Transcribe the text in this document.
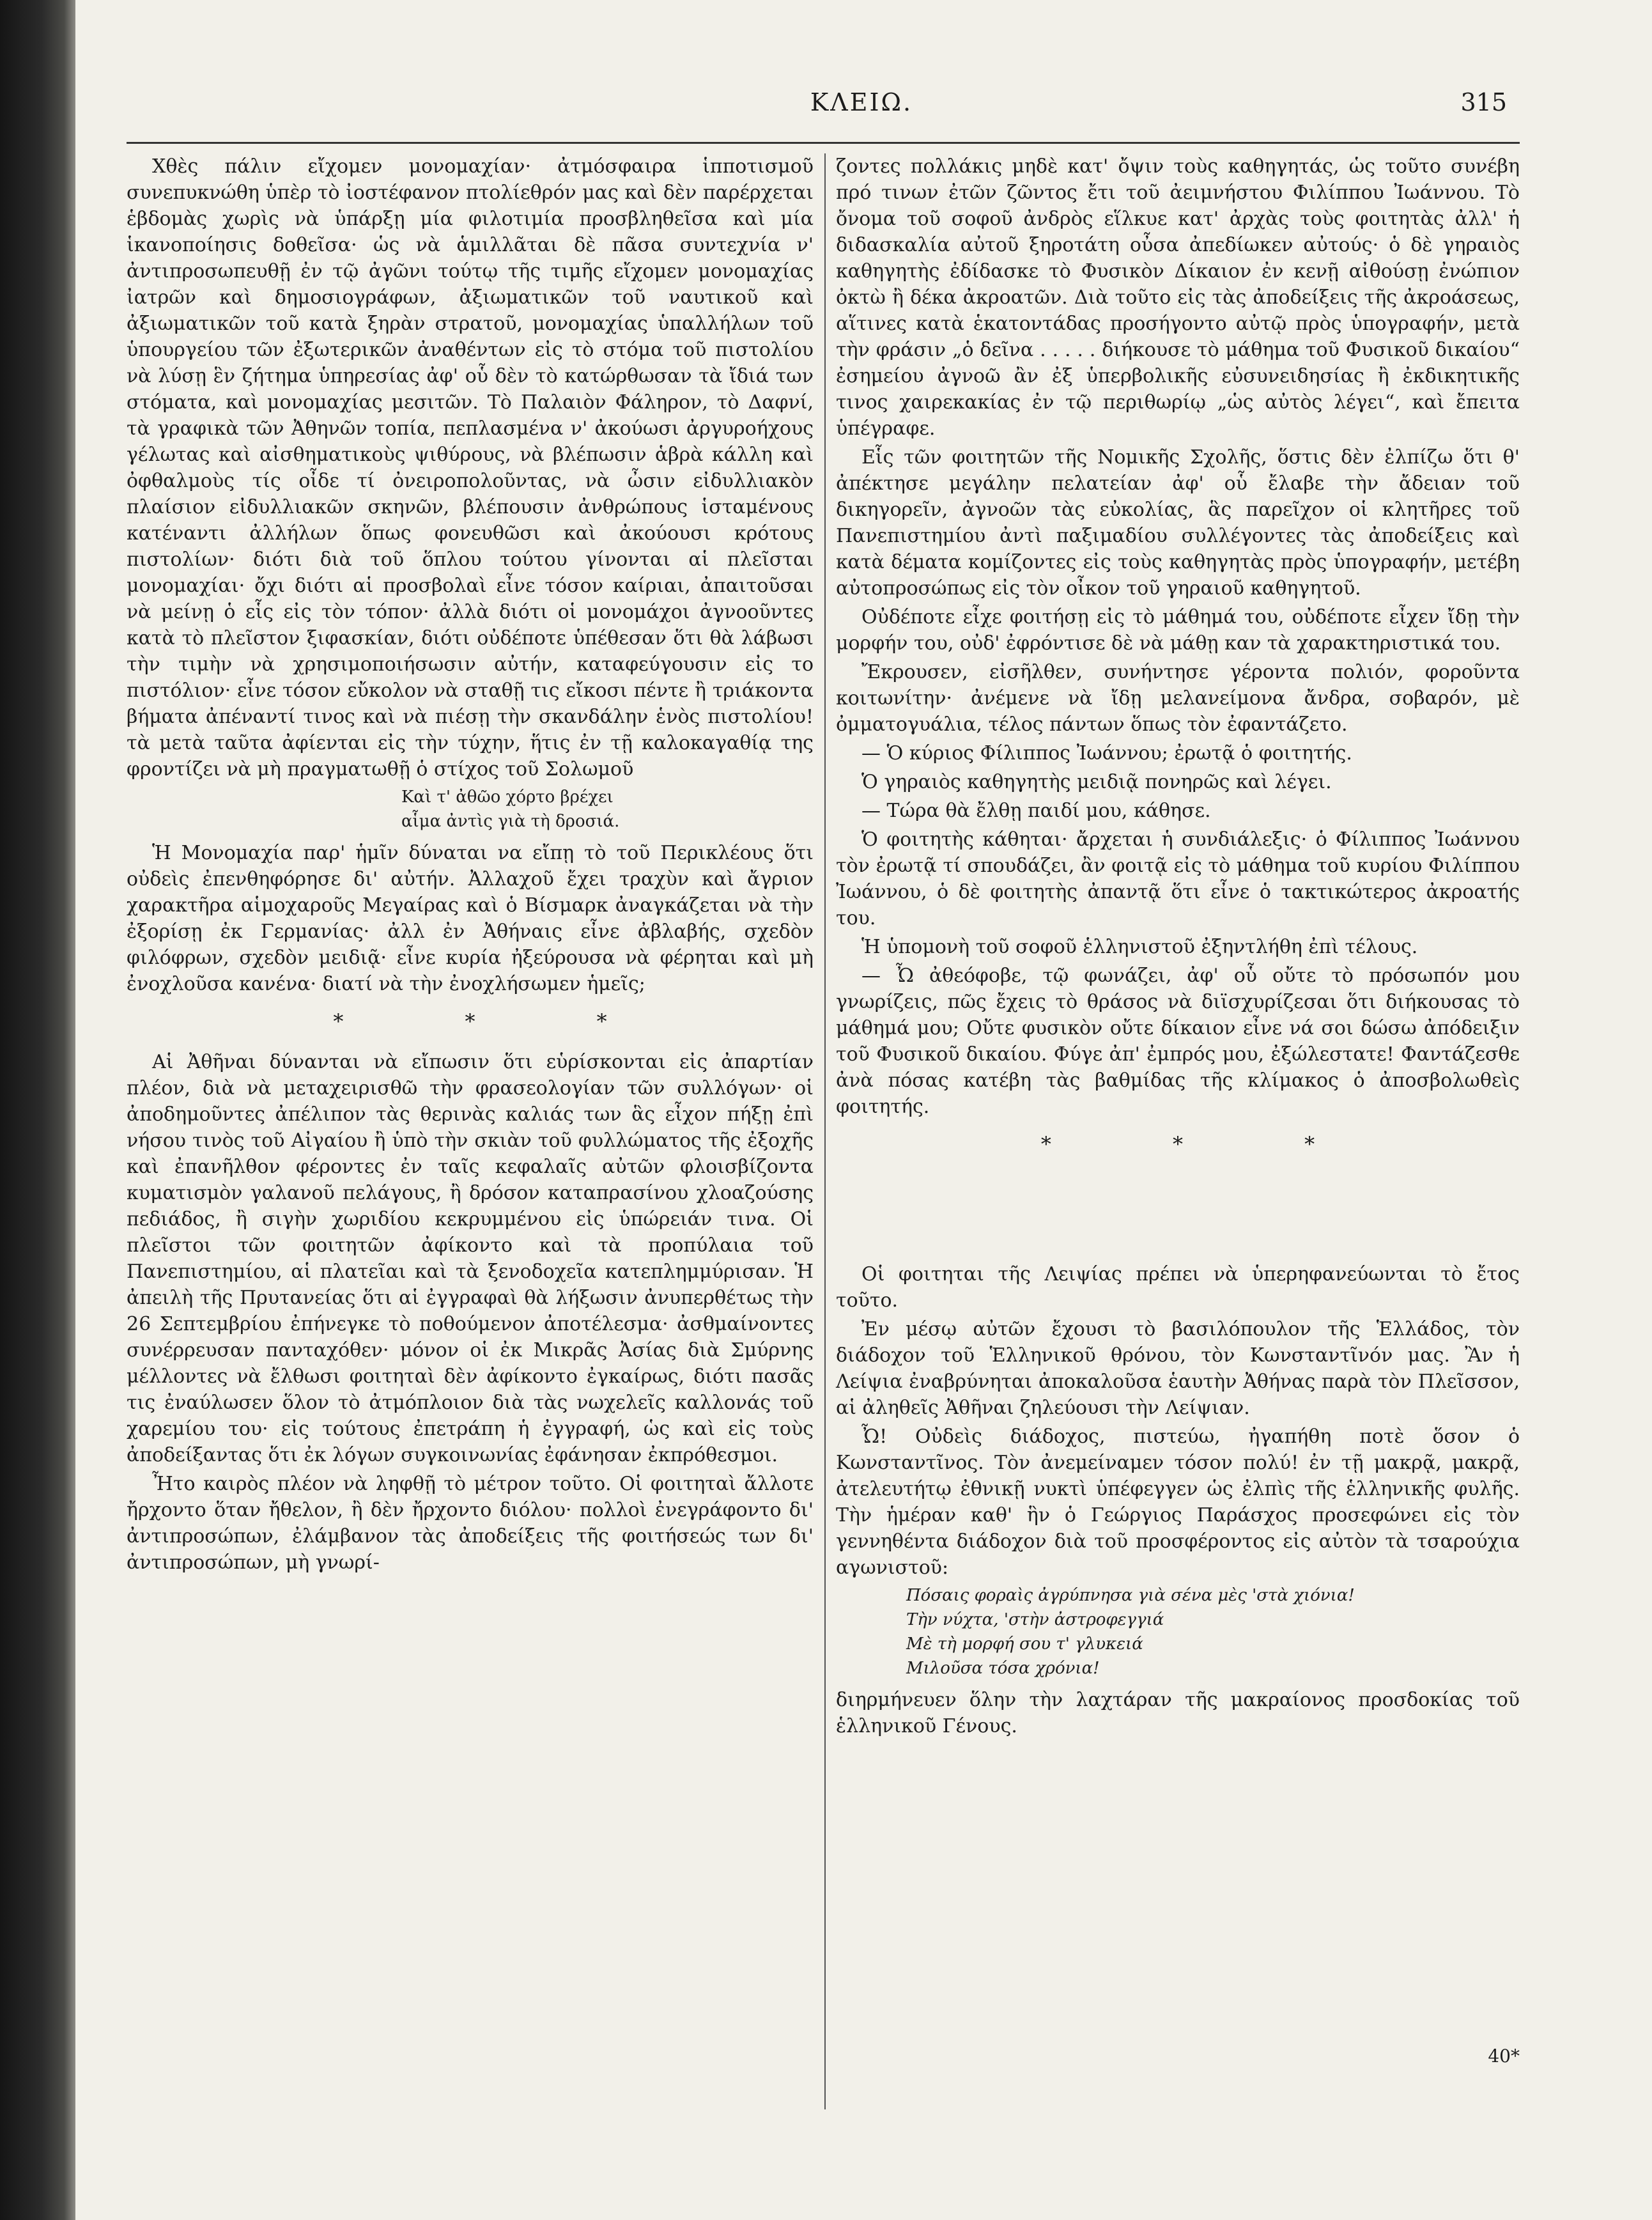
ΚΛΕΙΩ.	315

Χθὲς πάλιν εἴχομεν μονομαχίαν· ἀτμόσφαιρα ἱπποτισμοῦ συνεπυκνώθη ὑπὲρ τὸ ἰοστέφανον πτολίεθρόν μας καὶ δὲν παρέρχεται ἑβδομὰς χωρὶς νὰ ὑπάρξῃ μία φιλοτιμία προσβληθεῖσα καὶ μία ἱκανοποίησις δοθεῖσα· ὡς νὰ ἁμιλλᾶται δὲ πᾶσα συντεχνία ν' ἀντιπροσωπευθῇ ἐν τῷ ἀγῶνι τούτῳ τῆς τιμῆς εἴχομεν μονομαχίας ἰατρῶν καὶ δημοσιογράφων, ἀξιωματικῶν τοῦ ναυτικοῦ καὶ ἀξιωματικῶν τοῦ κατὰ ξηρὰν στρατοῦ, μονομαχίας ὑπαλλήλων τοῦ ὑπουργείου τῶν ἐξωτερικῶν ἀναθέντων εἰς τὸ στόμα τοῦ πιστολίου νὰ λύσῃ ἓν ζήτημα ὑπηρεσίας ἀφ' οὗ δὲν τὸ κατώρθωσαν τὰ ἴδιά των στόματα, καὶ μονομαχίας μεσιτῶν. Τὸ Παλαιὸν Φάληρον, τὸ Δαφνί, τὰ γραφικὰ τῶν Ἀθηνῶν τοπία, πεπλασμένα ν' ἀκούωσι ἀργυροήχους γέλωτας καὶ αἰσθηματικοὺς ψιθύρους, νὰ βλέπωσιν ἁβρὰ κάλλη καὶ ὀφθαλμοὺς τίς οἶδε τί ὀνειροπολοῦντας, νὰ ὦσιν εἰδυλλιακὸν πλαίσιον εἰδυλλιακῶν σκηνῶν, βλέπουσιν ἀνθρώπους ἱσταμένους κατέναντι ἀλλήλων ὅπως φονευθῶσι καὶ ἀκούουσι κρότους πιστολίων· διότι διὰ τοῦ ὅπλου τούτου γίνονται αἱ πλεῖσται μονομαχίαι· ὄχι διότι αἱ προσβολαὶ εἶνε τόσον καίριαι, ἀπαιτοῦσαι νὰ μείνῃ ὁ εἷς εἰς τὸν τόπον· ἀλλὰ διότι οἱ μονομάχοι ἀγνοοῦντες κατὰ τὸ πλεῖστον ξιφασκίαν, διότι οὐδέποτε ὑπέθεσαν ὅτι θὰ λάβωσι τὴν τιμὴν νὰ χρησιμοποιήσωσιν αὐτήν, καταφεύγουσιν εἰς το πιστόλιον· εἶνε τόσον εὔκολον νὰ σταθῇ τις εἴκοσι πέντε ἢ τριάκοντα βήματα ἀπέναντί τινος καὶ νὰ πιέσῃ τὴν σκανδάλην ἑνὸς πιστολίου! τὰ μετὰ ταῦτα ἀφίενται εἰς τὴν τύχην, ἥτις ἐν τῇ καλοκαγαθίᾳ της φροντίζει νὰ μὴ πραγματωθῇ ὁ στίχος τοῦ Σολωμοῦ

Καὶ τ' ἀθῶο χόρτο βρέχει
αἷμα ἀντὶς γιὰ τὴ δροσιά.

Ἡ Μονομαχία παρ' ἡμῖν δύναται να εἴπῃ τὸ τοῦ Περικλέους ὅτι οὐδεὶς ἐπενθηφόρησε δι' αὐτήν. Ἀλλαχοῦ ἔχει τραχὺν καὶ ἄγριον χαρακτῆρα αἱμοχαροῦς Μεγαίρας καὶ ὁ Βίσμαρκ ἀναγκάζεται νὰ τὴν ἐξορίσῃ ἐκ Γερμανίας· ἀλλ ἐν Ἀθήναις εἶνε ἀβλαβής, σχεδὸν φιλόφρων, σχεδὸν μειδιᾷ· εἶνε κυρία ἠξεύρουσα νὰ φέρηται καὶ μὴ ἐνοχλοῦσα κανένα· διατί νὰ τὴν ἐνοχλήσωμεν ἡμεῖς;

* * *

Αἱ Ἀθῆναι δύνανται νὰ εἴπωσιν ὅτι εὑρίσκονται εἰς ἀπαρτίαν πλέον, διὰ νὰ μεταχειρισθῶ τὴν φρασεολογίαν τῶν συλλόγων· οἱ ἀποδημοῦντες ἀπέλιπον τὰς θερινὰς καλιάς των ἃς εἶχον πήξῃ ἐπὶ νήσου τινὸς τοῦ Αἰγαίου ἢ ὑπὸ τὴν σκιὰν τοῦ φυλλώματος τῆς ἐξοχῆς καὶ ἐπανῆλθον φέροντες ἐν ταῖς κεφαλαῖς αὐτῶν φλοισβίζοντα κυματισμὸν γαλανοῦ πελάγους, ἢ δρόσον καταπρασίνου χλοαζούσης πεδιάδος, ἢ σιγὴν χωριδίου κεκρυμμένου εἰς ὑπώρειάν τινα. Οἱ πλεῖστοι τῶν φοιτητῶν ἀφίκοντο καὶ τὰ προπύλαια τοῦ Πανεπιστημίου, αἱ πλατεῖαι καὶ τὰ ξενοδοχεῖα κατεπλημμύρισαν. Ἡ ἀπειλὴ τῆς Πρυτανείας ὅτι αἱ ἐγγραφαὶ θὰ λήξωσιν ἀνυπερθέτως τὴν 26 Σεπτεμβρίου ἐπήνεγκε τὸ ποθούμενον ἀποτέλεσμα· ἀσθμαίνοντες συνέρρευσαν πανταχόθεν· μόνον οἱ ἐκ Μικρᾶς Ἀσίας διὰ Σμύρνης μέλλοντες νὰ ἔλθωσι φοιτηταὶ δὲν ἀφίκοντο ἐγκαίρως, διότι πασᾶς τις ἐναύλωσεν ὅλον τὸ ἀτμόπλοιον διὰ τὰς νωχελεῖς καλλονάς τοῦ χαρεμίου του· εἰς τούτους ἐπετράπη ἡ ἐγγραφή, ὡς καὶ εἰς τοὺς ἀποδείξαντας ὅτι ἐκ λόγων συγκοινωνίας ἐφάνησαν ἐκπρόθεσμοι.

Ἦτο καιρὸς πλέον νὰ ληφθῇ τὸ μέτρον τοῦτο. Οἱ φοιτηταὶ ἄλλοτε ἤρχοντο ὅταν ἤθελον, ἢ δὲν ἤρχοντο διόλου· πολλοὶ ἐνεγράφοντο δι' ἀντιπροσώπων, ἐλάμβανον τὰς ἀποδείξεις τῆς φοιτήσεώς των δι' ἀντιπροσώπων, μὴ γνωρί-

ζοντες πολλάκις μηδὲ κατ' ὄψιν τοὺς καθηγητάς, ὡς τοῦτο συνέβη πρό τινων ἐτῶν ζῶντος ἔτι τοῦ ἀειμνήστου Φιλίππου Ἰωάννου. Τὸ ὄνομα τοῦ σοφοῦ ἀνδρὸς εἵλκυε κατ' ἀρχὰς τοὺς φοιτητὰς ἀλλ' ἡ διδασκαλία αὐτοῦ ξηροτάτη οὖσα ἀπεδίωκεν αὐτούς· ὁ δὲ γηραιὸς καθηγητὴς ἐδίδασκε τὸ Φυσικὸν Δίκαιον ἐν κενῇ αἰθούσῃ ἐνώπιον ὀκτὼ ἢ δέκα ἀκροατῶν. Διὰ τοῦτο εἰς τὰς ἀποδείξεις τῆς ἀκροάσεως, αἵτινες κατὰ ἑκατοντάδας προσήγοντο αὐτῷ πρὸς ὑπογραφήν, μετὰ τὴν φράσιν „ὁ δεῖνα . . . . . διήκουσε τὸ μάθημα τοῦ Φυσικοῦ δικαίου“ ἐσημείου ἀγνοῶ ἂν ἐξ ὑπερβολικῆς εὐσυνειδησίας ἢ ἐκδικητικῆς τινος χαιρεκακίας ἐν τῷ περιθωρίῳ „ὡς αὐτὸς λέγει“, καὶ ἔπειτα ὑπέγραφε.

Εἷς τῶν φοιτητῶν τῆς Νομικῆς Σχολῆς, ὅστις δὲν ἐλπίζω ὅτι θ' ἀπέκτησε μεγάλην πελατείαν ἀφ' οὗ ἔλαβε τὴν ἄδειαν τοῦ δικηγορεῖν, ἀγνοῶν τὰς εὐκολίας, ἃς παρεῖχον οἱ κλητῆρες τοῦ Πανεπιστημίου ἀντὶ παξιμαδίου συλλέγοντες τὰς ἀποδείξεις καὶ κατὰ δέματα κομίζοντες εἰς τοὺς καθηγητὰς πρὸς ὑπογραφήν, μετέβη αὐτοπροσώπως εἰς τὸν οἶκον τοῦ γηραιοῦ καθηγητοῦ.

Οὐδέποτε εἶχε φοιτήσῃ εἰς τὸ μάθημά του, οὐδέποτε εἶχεν ἴδῃ τὴν μορφήν του, οὐδ' ἐφρόντισε δὲ νὰ μάθῃ καν τὰ χαρακτηριστικά του.

Ἔκρουσεν, εἰσῆλθεν, συνήντησε γέροντα πολιόν, φοροῦντα κοιτωνίτην· ἀνέμενε νὰ ἴδῃ μελανείμονα ἄνδρα, σοβαρόν, μὲ ὀμματογυάλια, τέλος πάντων ὅπως τὸν ἐφαντάζετο.

— Ὁ κύριος Φίλιππος Ἰωάννου; ἐρωτᾷ ὁ φοιτητής.

Ὁ γηραιὸς καθηγητὴς μειδιᾷ πονηρῶς καὶ λέγει.

— Τώρα θὰ ἔλθῃ παιδί μου, κάθησε.

Ὁ φοιτητὴς κάθηται· ἄρχεται ἡ συνδιάλεξις· ὁ Φίλιππος Ἰωάννου τὸν ἐρωτᾷ τί σπουδάζει, ἂν φοιτᾷ εἰς τὸ μάθημα τοῦ κυρίου Φιλίππου Ἰωάννου, ὁ δὲ φοιτητὴς ἀπαντᾷ ὅτι εἶνε ὁ τακτικώτερος ἀκροατής του.

Ἡ ὑπομονὴ τοῦ σοφοῦ ἑλληνιστοῦ ἐξηντλήθη ἐπὶ τέλους.

— Ὦ ἀθεόφοβε, τῷ φωνάζει, ἀφ' οὗ οὔτε τὸ πρόσωπόν μου γνωρίζεις, πῶς ἔχεις τὸ θράσος νὰ διϊσχυρίζεσαι ὅτι διήκουσας τὸ μάθημά μου; Οὔτε φυσικὸν οὔτε δίκαιον εἶνε νά σοι δώσω ἀπόδειξιν τοῦ Φυσικοῦ δικαίου. Φύγε ἀπ' ἐμπρός μου, ἐξώλεστατε! Φαντάζεσθε ἀνὰ πόσας κατέβη τὰς βαθμίδας τῆς κλίμακος ὁ ἀποσβολωθεὶς φοιτητής.

* * *

Οἱ φοιτηται τῆς Λειψίας πρέπει νὰ ὑπερηφανεύωνται τὸ ἔτος τοῦτο.

Ἐν μέσῳ αὐτῶν ἔχουσι τὸ βασιλόπουλον τῆς Ἑλλάδος, τὸν διάδοχον τοῦ Ἑλληνικοῦ θρόνου, τὸν Κωνσταντῖνόν μας. Ἂν ἡ Λείψια ἐναβρύνηται ἀποκαλοῦσα ἑαυτὴν Ἀθήνας παρὰ τὸν Πλεῖσσον, αἱ ἀληθεῖς Ἀθῆναι ζηλεύουσι τὴν Λείψιαν.

Ὦ! Οὐδεὶς διάδοχος, πιστεύω, ἠγαπήθη ποτὲ ὅσον ὁ Κωνσταντῖνος. Τὸν ἀνεμείναμεν τόσον πολύ! ἐν τῇ μακρᾷ, μακρᾷ, ἀτελευτήτῳ ἐθνικῇ νυκτὶ ὑπέφεγγεν ὡς ἐλπὶς τῆς ἑλληνικῆς φυλῆς. Τὴν ἡμέραν καθ' ἣν ὁ Γεώργιος Παράσχος προσεφώνει εἰς τὸν γεννηθέντα διάδοχον διὰ τοῦ προσφέροντος εἰς αὐτὸν τὰ τσαρούχια αγωνιστοῦ:

Πόσαις φοραὶς ἀγρύπνησα γιὰ σένα μὲς 'στὰ χιόνια!
Τὴν νύχτα, 'στὴν ἀστροφεγγιά
Μὲ τὴ μορφή σου τ' γλυκειά
Μιλοῦσα τόσα χρόνια!

διηρμήνευεν ὅλην τὴν λαχτάραν τῆς μακραίονος προσδοκίας τοῦ ἑλληνικοῦ Γένους.

40*
